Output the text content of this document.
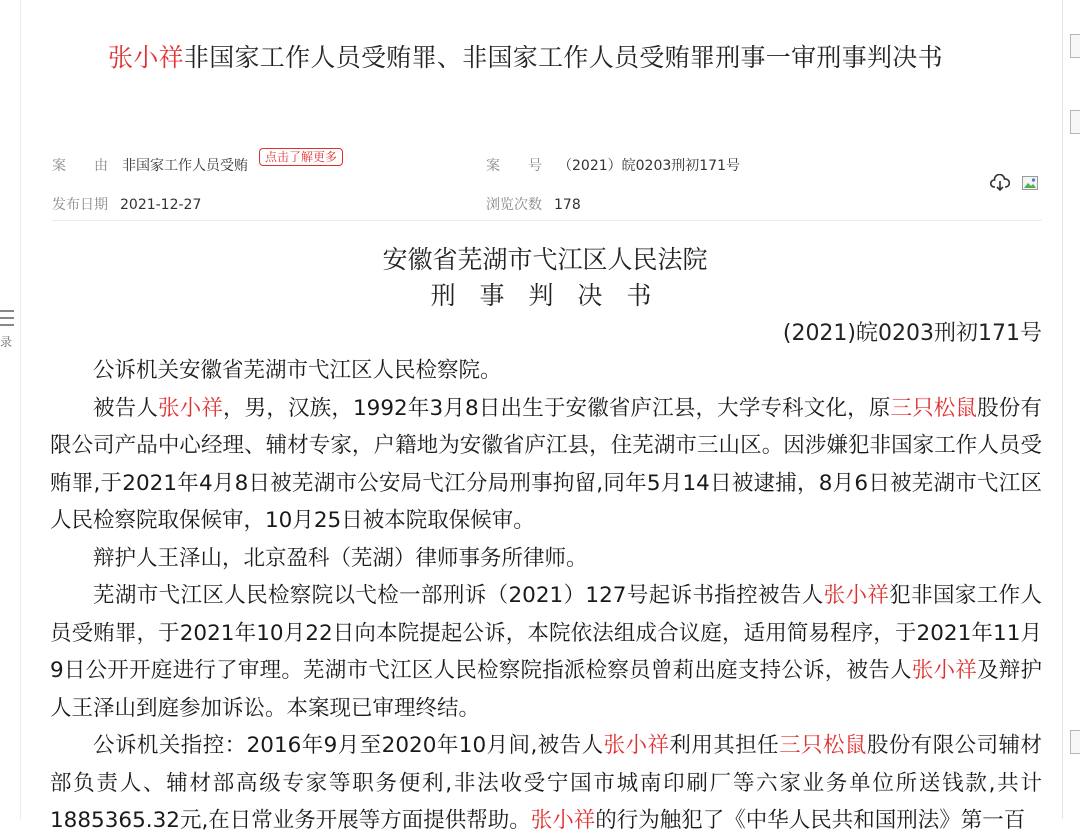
录
张小祥非国家工作人员受贿罪、非国家工作人员受贿罪刑事一审刑事判决书
案　　由 非国家工作人员受贿
点击了解更多
案　　号 （2021）皖0203刑初171号
发布日期 2021-12-27	浏览次数 178

安徽省芜湖市弋江区人民法院
刑 事 判 决 书
(2021)皖0203刑初171号

公诉机关安徽省芜湖市弋江区人民检察院。

被告人张小祥，男，汉族，1992年3月8日出生于安徽省庐江县，大学专科文化，原三只松鼠股份有限公司产品中心经理、辅材专家，户籍地为安徽省庐江县，住芜湖市三山区。因涉嫌犯非国家工作人员受贿罪,于2021年4月8日被芜湖市公安局弋江分局刑事拘留,同年5月14日被逮捕，8月6日被芜湖市弋江区人民检察院取保候审，10月25日被本院取保候审。

辩护人王泽山，北京盈科（芜湖）律师事务所律师。

芜湖市弋江区人民检察院以弋检一部刑诉（2021）127号起诉书指控被告人张小祥犯非国家工作人员受贿罪，于2021年10月22日向本院提起公诉，本院依法组成合议庭，适用简易程序，于2021年11月9日公开开庭进行了审理。芜湖市弋江区人民检察院指派检察员曾莉出庭支持公诉，被告人张小祥及辩护人王泽山到庭参加诉讼。本案现已审理终结。

公诉机关指控：2016年9月至2020年10月间,被告人张小祥利用其担任三只松鼠股份有限公司辅材部负责人、辅材部高级专家等职务便利,非法收受宁国市城南印刷厂等六家业务单位所送钱款,共计1885365.32元,在日常业务开展等方面提供帮助。张小祥的行为触犯了《中华人民共和国刑法》第一百
